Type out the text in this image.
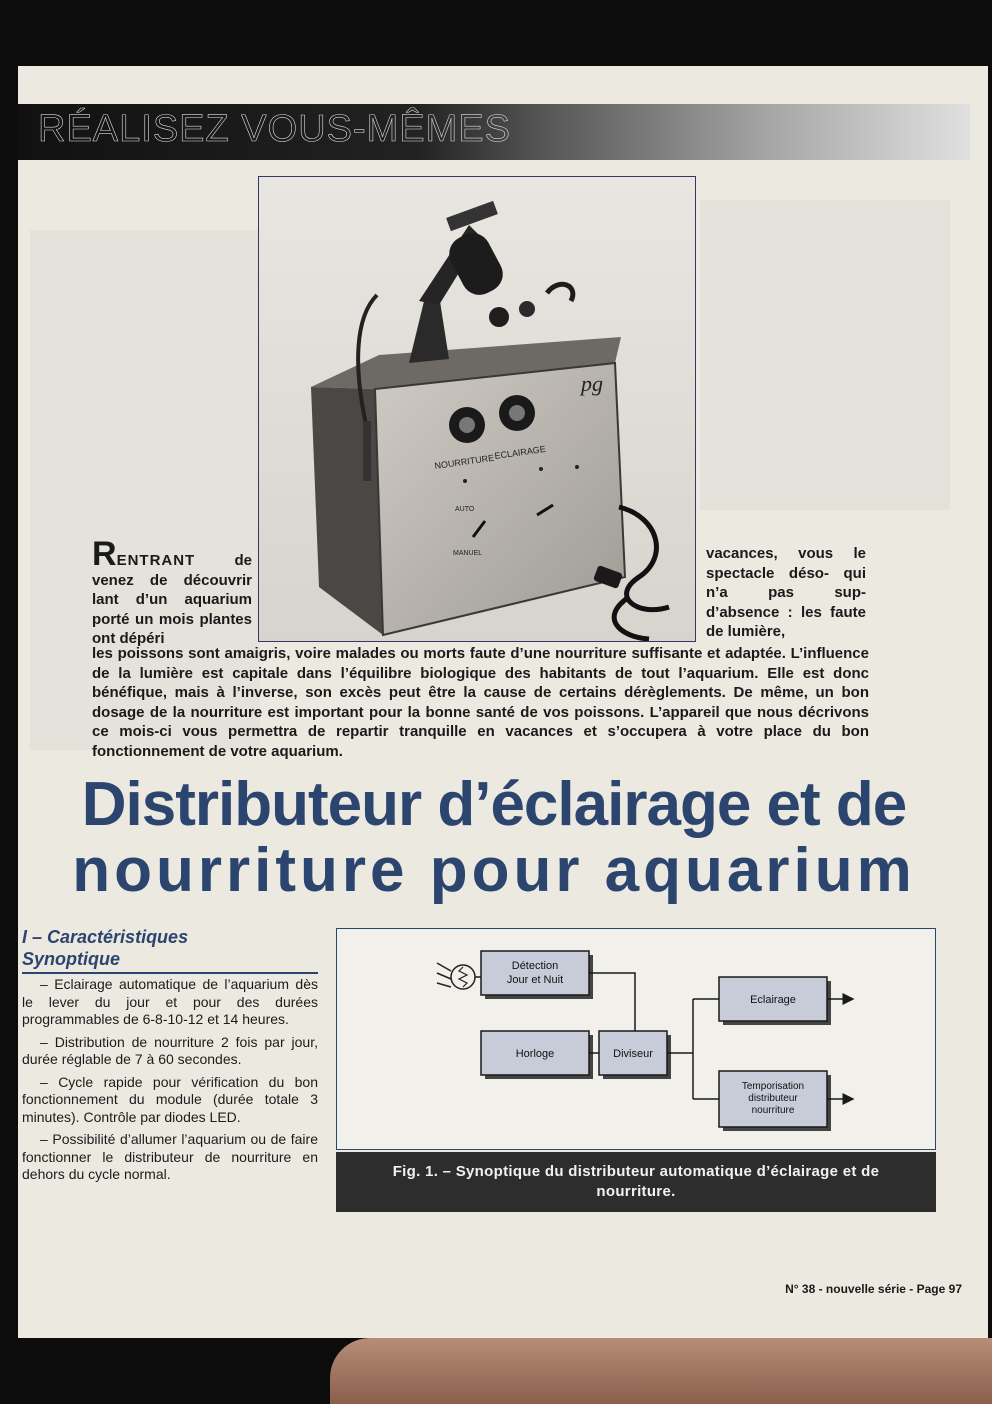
RÉALISEZ VOUS-MÊMES
NOURRITURE
ECLAIRAGE
AUTO
MANUEL
pg

RENTRANT de venez de découvrir lant d’un aquarium porté un mois plantes ont dépéri

vacances, vous le spectacle déso- qui n’a pas sup- d’absence : les faute de lumière,

les poissons sont amaigris, voire malades ou morts faute d’une nourriture suffisante et adaptée. L’influence de la lumière est capitale dans l’équilibre biologique des habitants de tout l’aquarium. Elle est donc bénéfique, mais à l’inverse, son excès peut être la cause de certains dérèglements. De même, un bon dosage de la nourriture est important pour la bonne santé de vos poissons. L’appareil que nous décrivons ce mois-ci vous permettra de repartir tranquille en vacances et s’occupera à votre place du bon fonctionnement de votre aquarium.

Distributeur d’éclairage et de
nourriture pour aquarium
I – Caractéristiques
Synoptique
– Eclairage automatique de l’aquarium dès le lever du jour et pour des durées programmables de 6-8-10-12 et 14 heures.
– Distribution de nourriture 2 fois par jour, durée réglable de 7 à 60 secondes.
– Cycle rapide pour vérification du bon fonctionnement du module (durée totale 3 minutes). Contrôle par diodes LED.
– Possibilité d’allumer l’aquarium ou de faire fonctionner le distributeur de nourriture en dehors du cycle normal.
Détection
Jour et Nuit
Horloge	Diviseur
Eclairage
Temporisation
distributeur
nourriture
Fig. 1. – Synoptique du distributeur automatique d’éclairage et de nourriture.
N° 38 - nouvelle série - Page 97
